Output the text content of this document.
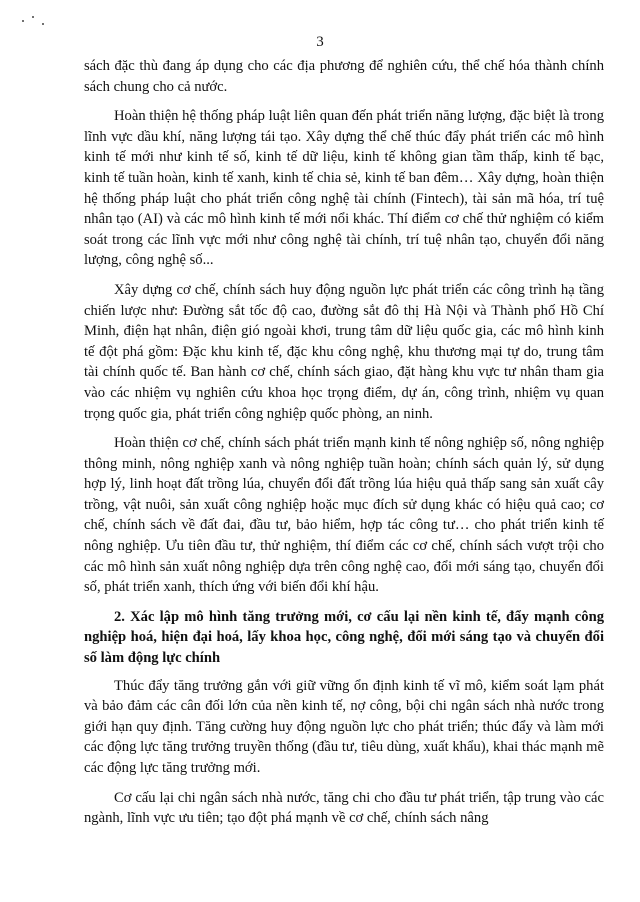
3

sách đặc thù đang áp dụng cho các địa phương để nghiên cứu, thể chế hóa thành chính sách chung cho cả nước.

Hoàn thiện hệ thống pháp luật liên quan đến phát triển năng lượng, đặc biệt là trong lĩnh vực dầu khí, năng lượng tái tạo. Xây dựng thể chế thúc đẩy phát triển các mô hình kinh tế mới như kinh tế số, kinh tế dữ liệu, kinh tế không gian tầm thấp, kinh tế bạc, kinh tế tuần hoàn, kinh tế xanh, kinh tế chia sẻ, kinh tế ban đêm… Xây dựng, hoàn thiện hệ thống pháp luật cho phát triển công nghệ tài chính (Fintech), tài sản mã hóa, trí tuệ nhân tạo (AI) và các mô hình kinh tế mới nổi khác. Thí điểm cơ chế thử nghiệm có kiểm soát trong các lĩnh vực mới như công nghệ tài chính, trí tuệ nhân tạo, chuyển đổi năng lượng, công nghệ số...

Xây dựng cơ chế, chính sách huy động nguồn lực phát triển các công trình hạ tầng chiến lược như: Đường sắt tốc độ cao, đường sắt đô thị Hà Nội và Thành phố Hồ Chí Minh, điện hạt nhân, điện gió ngoài khơi, trung tâm dữ liệu quốc gia, các mô hình kinh tế đột phá gồm: Đặc khu kinh tế, đặc khu công nghệ, khu thương mại tự do, trung tâm tài chính quốc tế. Ban hành cơ chế, chính sách giao, đặt hàng khu vực tư nhân tham gia vào các nhiệm vụ nghiên cứu khoa học trọng điểm, dự án, công trình, nhiệm vụ quan trọng quốc gia, phát triển công nghiệp quốc phòng, an ninh.

Hoàn thiện cơ chế, chính sách phát triển mạnh kinh tế nông nghiệp số, nông nghiệp thông minh, nông nghiệp xanh và nông nghiệp tuần hoàn; chính sách quản lý, sử dụng hợp lý, linh hoạt đất trồng lúa, chuyển đổi đất trồng lúa hiệu quả thấp sang sản xuất cây trồng, vật nuôi, sản xuất công nghiệp hoặc mục đích sử dụng khác có hiệu quả cao; cơ chế, chính sách về đất đai, đầu tư, bảo hiểm, hợp tác công tư… cho phát triển kinh tế nông nghiệp. Ưu tiên đầu tư, thử nghiệm, thí điểm các cơ chế, chính sách vượt trội cho các mô hình sản xuất nông nghiệp dựa trên công nghệ cao, đổi mới sáng tạo, chuyển đổi số, phát triển xanh, thích ứng với biến đổi khí hậu.

2. Xác lập mô hình tăng trưởng mới, cơ cấu lại nền kinh tế, đẩy mạnh công nghiệp hoá, hiện đại hoá, lấy khoa học, công nghệ, đổi mới sáng tạo và chuyển đổi số làm động lực chính

Thúc đẩy tăng trưởng gắn với giữ vững ổn định kinh tế vĩ mô, kiểm soát lạm phát và bảo đảm các cân đối lớn của nền kinh tế, nợ công, bội chi ngân sách nhà nước trong giới hạn quy định. Tăng cường huy động nguồn lực cho phát triển; thúc đẩy và làm mới các động lực tăng trưởng truyền thống (đầu tư, tiêu dùng, xuất khẩu), khai thác mạnh mẽ các động lực tăng trưởng mới.

Cơ cấu lại chi ngân sách nhà nước, tăng chi cho đầu tư phát triển, tập trung vào các ngành, lĩnh vực ưu tiên; tạo đột phá mạnh về cơ chế, chính sách nâng
